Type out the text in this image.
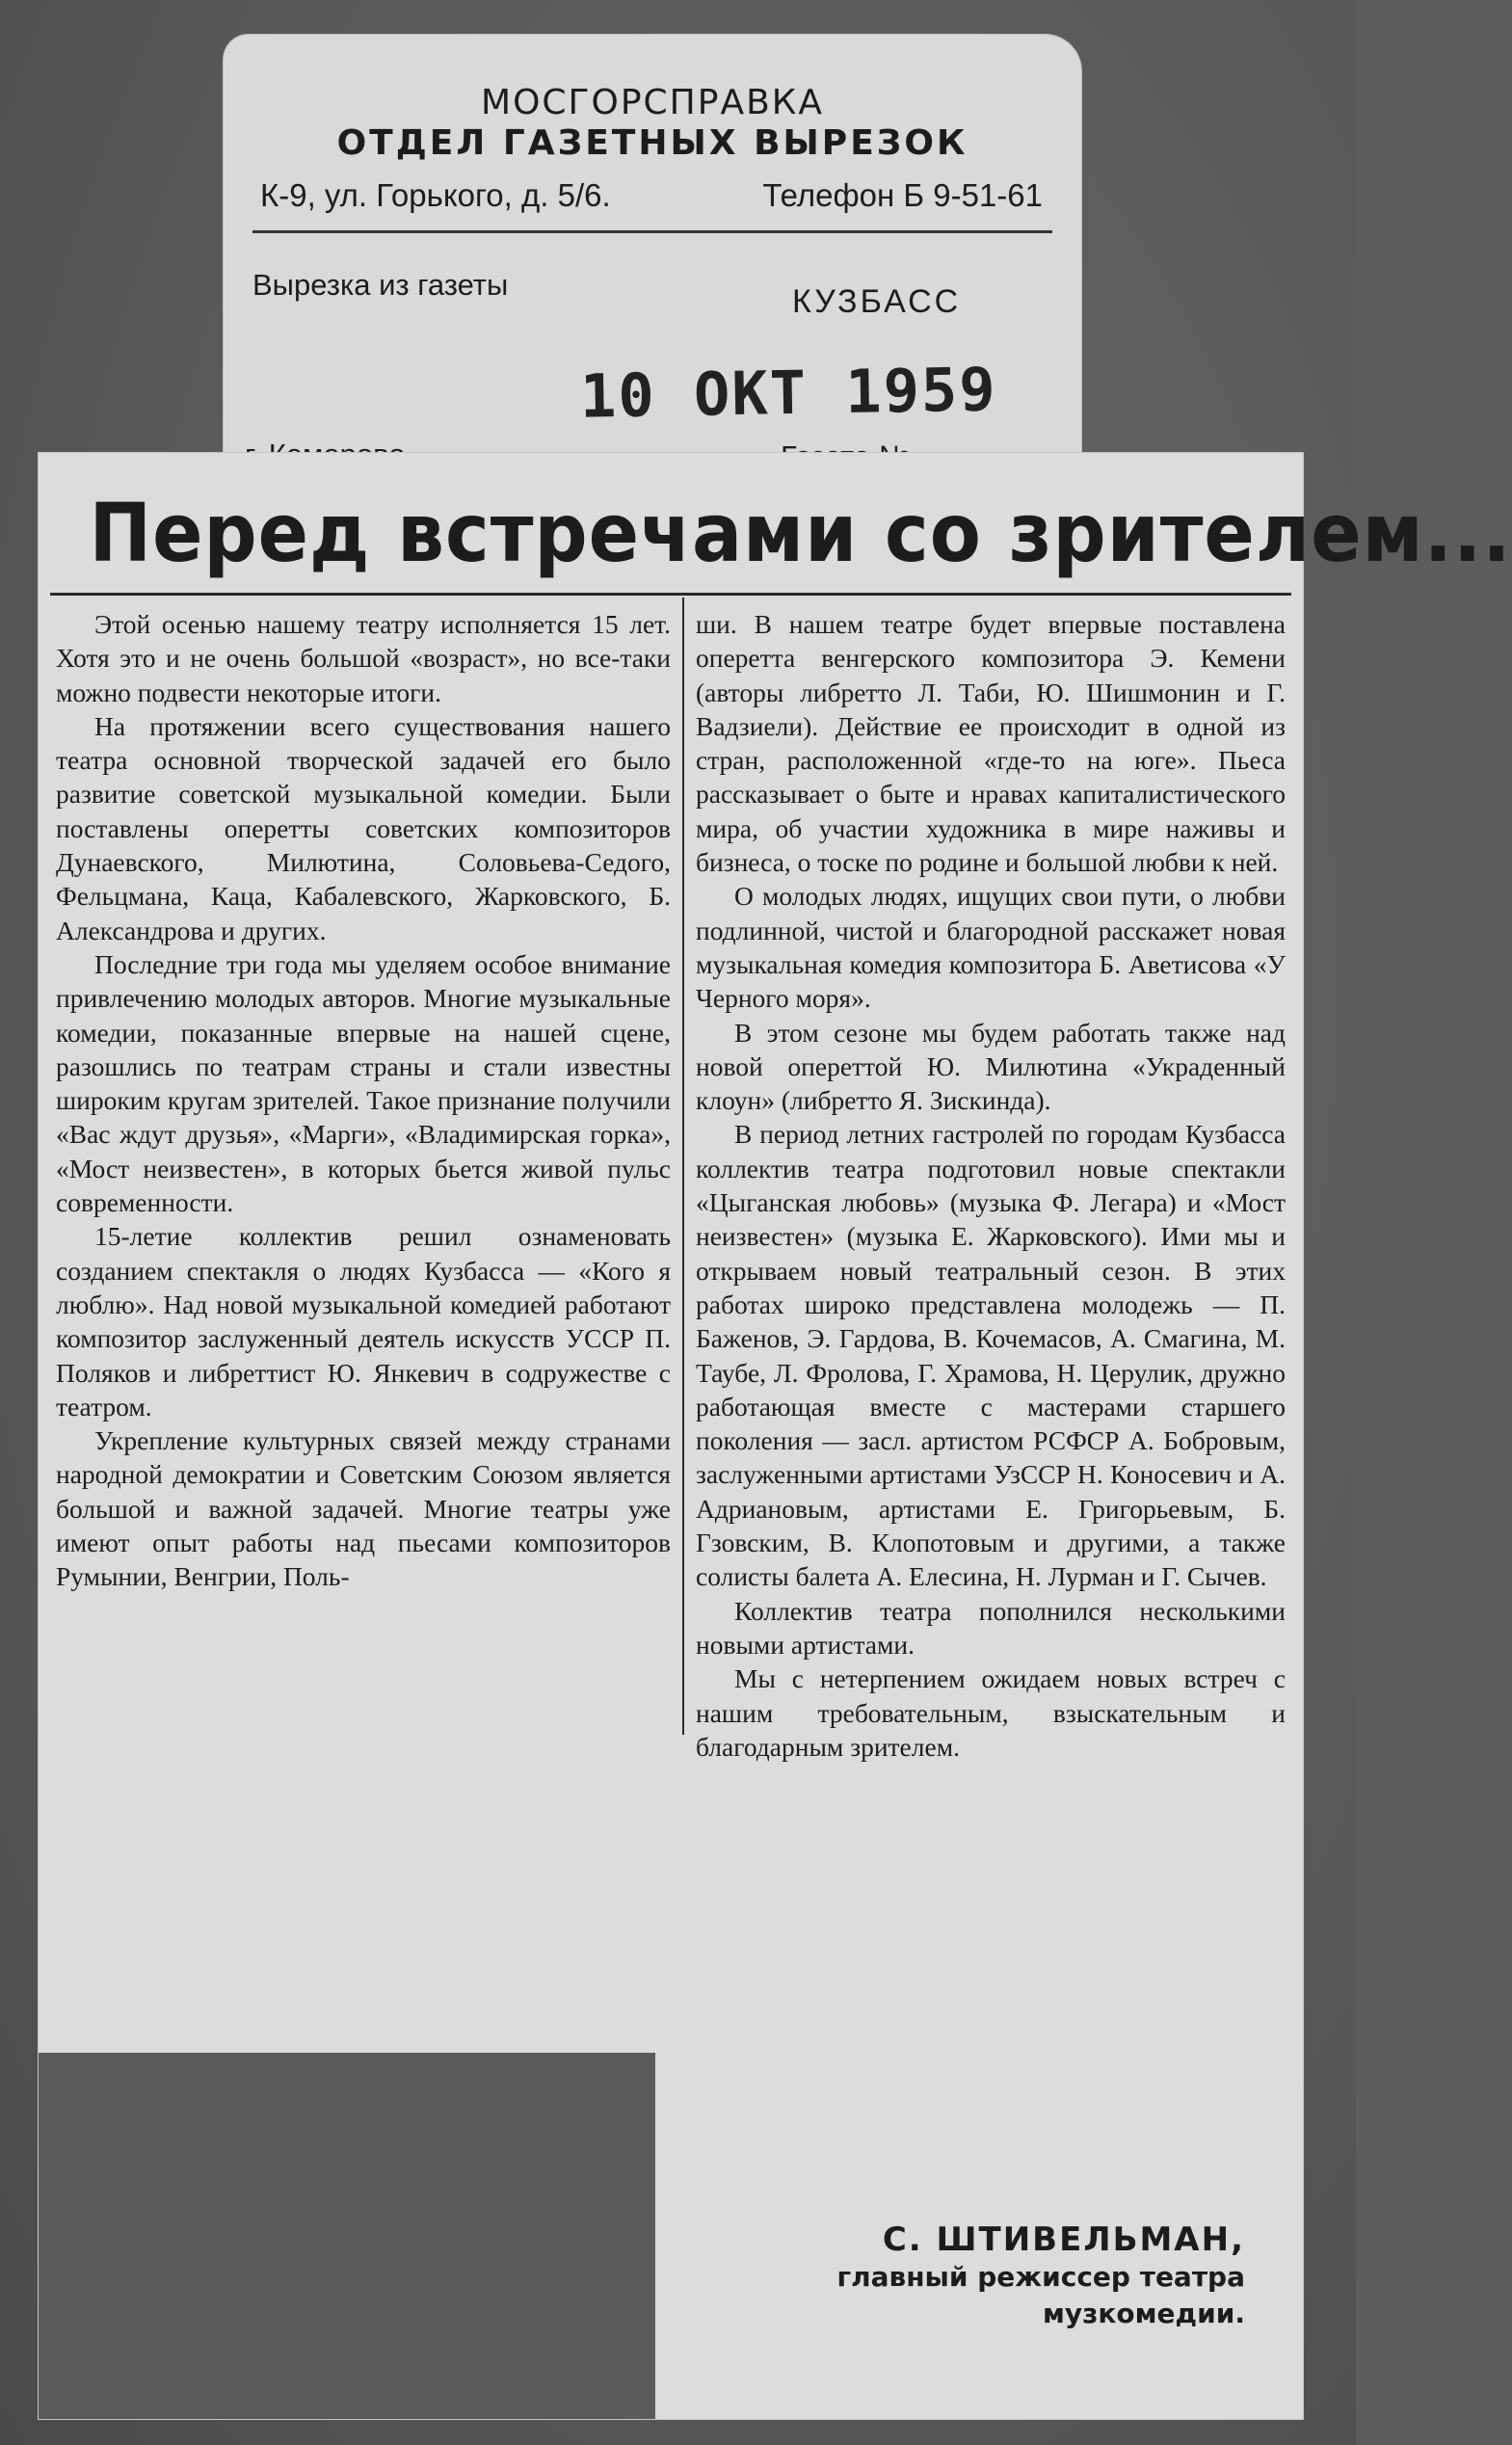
МОСГОРСПРАВКА
ОТДЕЛ ГАЗЕТНЫХ ВЫРЕЗОК
К-9, ул. Горького, д. 5/6.	Телефон Б 9-51-61
Вырезка из газеты	КУЗБАСС
10 ОКТ 1959
Перед встречами со зрителем...

Этой осенью нашему театру исполняется 15 лет. Хотя это и не очень большой «возраст», но все-таки можно подвести некоторые итоги.

На протяжении всего существования нашего театра основной творческой задачей его было развитие советской музыкальной комедии. Были поставлены оперетты советских композиторов Дунаевского, Милютина, Соловьева-Седого, Фельцмана, Каца, Кабалевского, Жарковского, Б. Александрова и других.

Последние три года мы уделяем особое внимание привлечению молодых авторов. Многие музыкальные комедии, показанные впервые на нашей сцене, разошлись по театрам страны и стали известны широким кругам зрителей. Такое признание получили «Вас ждут друзья», «Марги», «Владимирская горка», «Мост неизвестен», в которых бьется живой пульс современности.

15-летие коллектив решил ознаменовать созданием спектакля о людях Кузбасса — «Кого я люблю». Над новой музыкальной комедией работают композитор заслуженный деятель искусств УССР П. Поляков и либреттист Ю. Янкевич в содружестве с театром.

Укрепление культурных связей между странами народной демократии и Советским Союзом является большой и важной задачей. Многие театры уже имеют опыт работы над пьесами композиторов Румынии, Венгрии, Поль-

ши. В нашем театре будет впервые поставлена оперетта венгерского композитора Э. Кемени (авторы либретто Л. Таби, Ю. Шишмонин и Г. Вадзиели). Действие ее происходит в одной из стран, расположенной «где-то на юге». Пьеса рассказывает о быте и нравах капиталистического мира, об участии художника в мире наживы и бизнеса, о тоске по родине и большой любви к ней.

О молодых людях, ищущих свои пути, о любви подлинной, чистой и благородной расскажет новая музыкальная комедия композитора Б. Аветисова «У Черного моря».

В этом сезоне мы будем работать также над новой опереттой Ю. Милютина «Украденный клоун» (либретто Я. Зискинда).

В период летних гастролей по городам Кузбасса коллектив театра подготовил новые спектакли «Цыганская любовь» (музыка Ф. Легара) и «Мост неизвестен» (музыка Е. Жарковского). Ими мы и открываем новый театральный сезон. В этих работах широко представлена молодежь — П. Баженов, Э. Гардова, В. Кочемасов, А. Смагина, М. Таубе, Л. Фролова, Г. Храмова, Н. Церулик, дружно работающая вместе с мастерами старшего поколения — засл. артистом РСФСР А. Бобровым, заслуженными артистами УзССР Н. Коносевич и А. Адриановым, артистами Е. Григорьевым, Б. Гзовским, В. Клопотовым и другими, а также солисты балета А. Елесина, Н. Лурман и Г. Сычев.

Коллектив театра пополнился несколькими новыми артистами.

Мы с нетерпением ожидаем новых встреч с нашим требовательным, взыскательным и благодарным зрителем.

С. ШТИВЕЛЬМАН,
главный режиссер театра
музкомедии.
